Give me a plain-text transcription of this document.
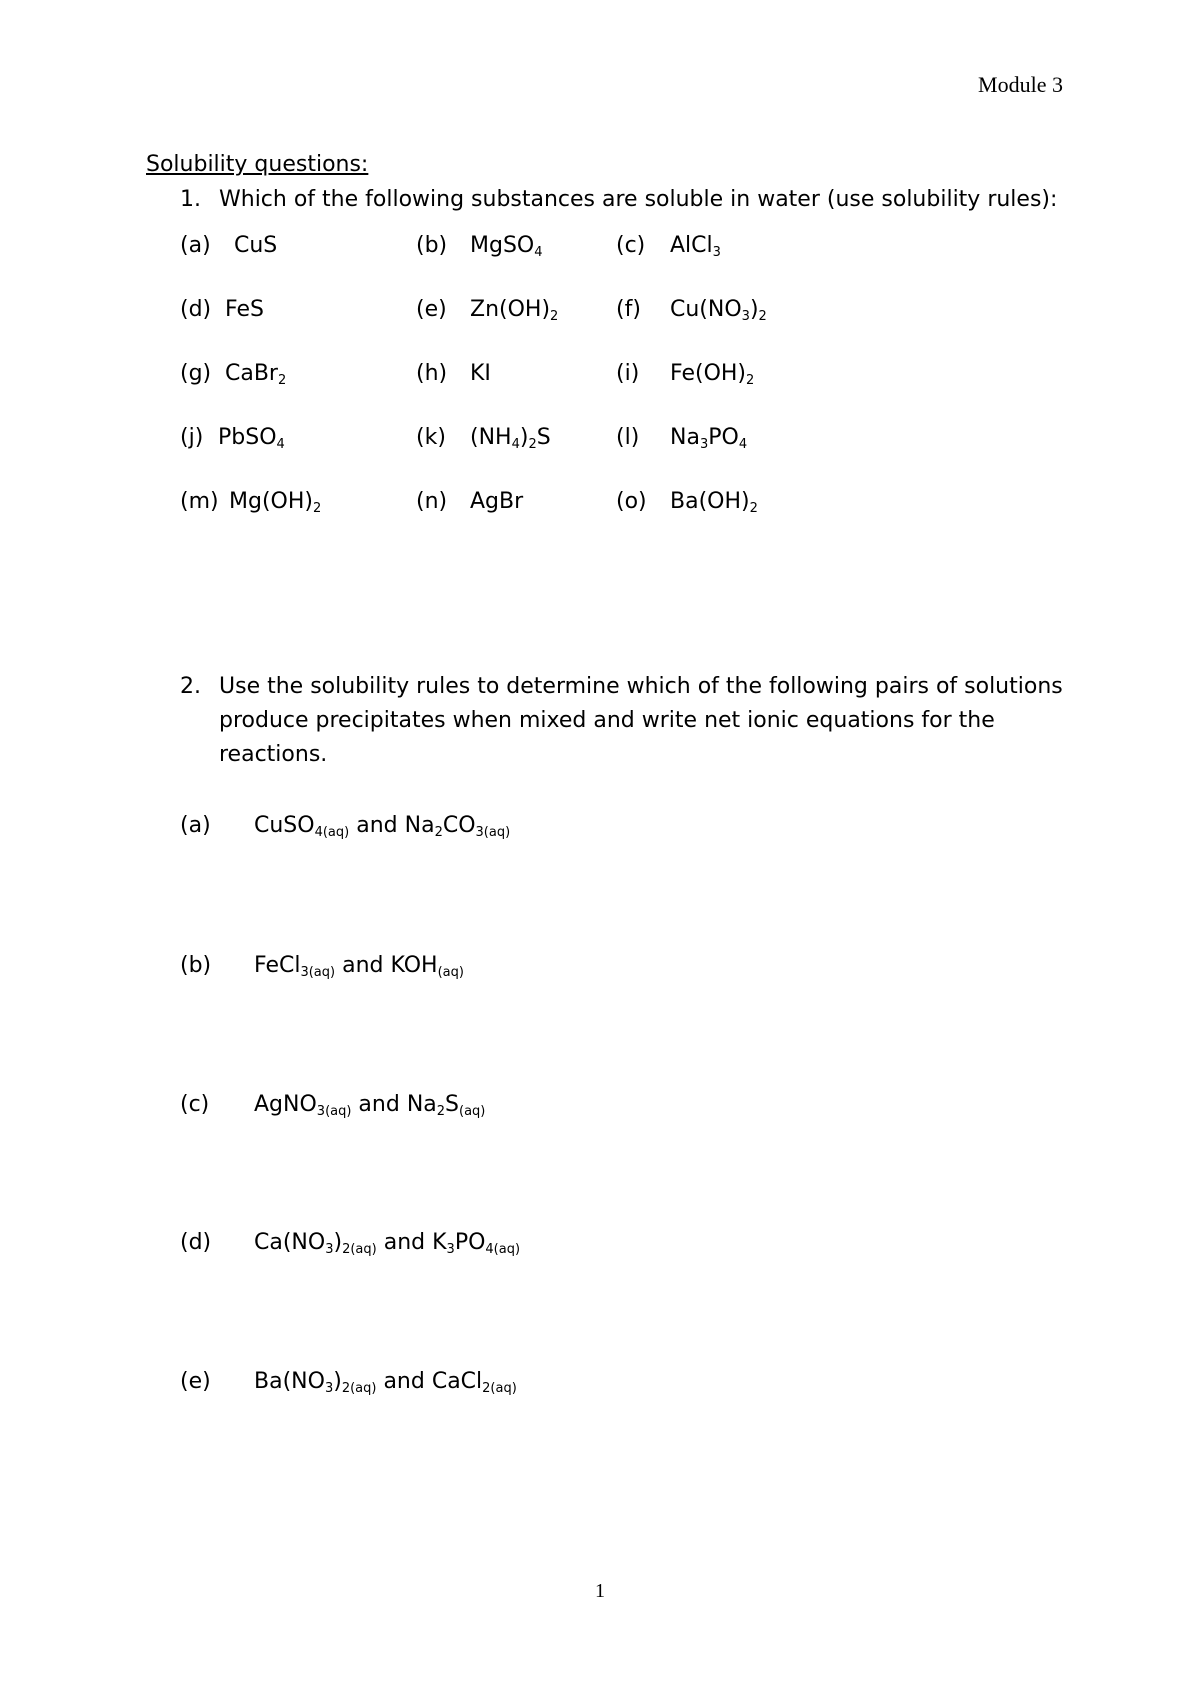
Module 3
Solubility questions:
1. Which of the following substances are soluble in water (use solubility rules):
(a) CuS	(b) MgSO$_4$	(c) AlCl$_3$
(d) FeS	(e) $Zn(OH)_2$	(f) $Cu(NO_3)_2$
(g) CaBr$_2$	(h) KI	(i) $Fe(OH)_2$
(j) PbSO$_4$	(k) $(NH_4)_2S$	(l) $Na_3PO_4$
(m) $Mg(OH)_2$	(n) AgBr	(o) $Ba(OH)_2$
2. Use the solubility rules to determine which of the following pairs of solutions produce precipitates when mixed and write net ionic equations for the reactions.
(a) CuSO$_{4(aq)}$ and $Na_2CO_{3(aq)}$
(b) FeCl$_{3(aq)}$ and $KOH_{(aq)}$
(c) AgNO$_{3(aq)}$ and $Na_2S_{(aq)}$
(d) $Ca(NO_3)_{2(aq)}$ and $K_3PO_{4(aq)}$
(e) $Ba(NO_3)_{2(aq)}$ and CaCl$_{2(aq)}$
1
